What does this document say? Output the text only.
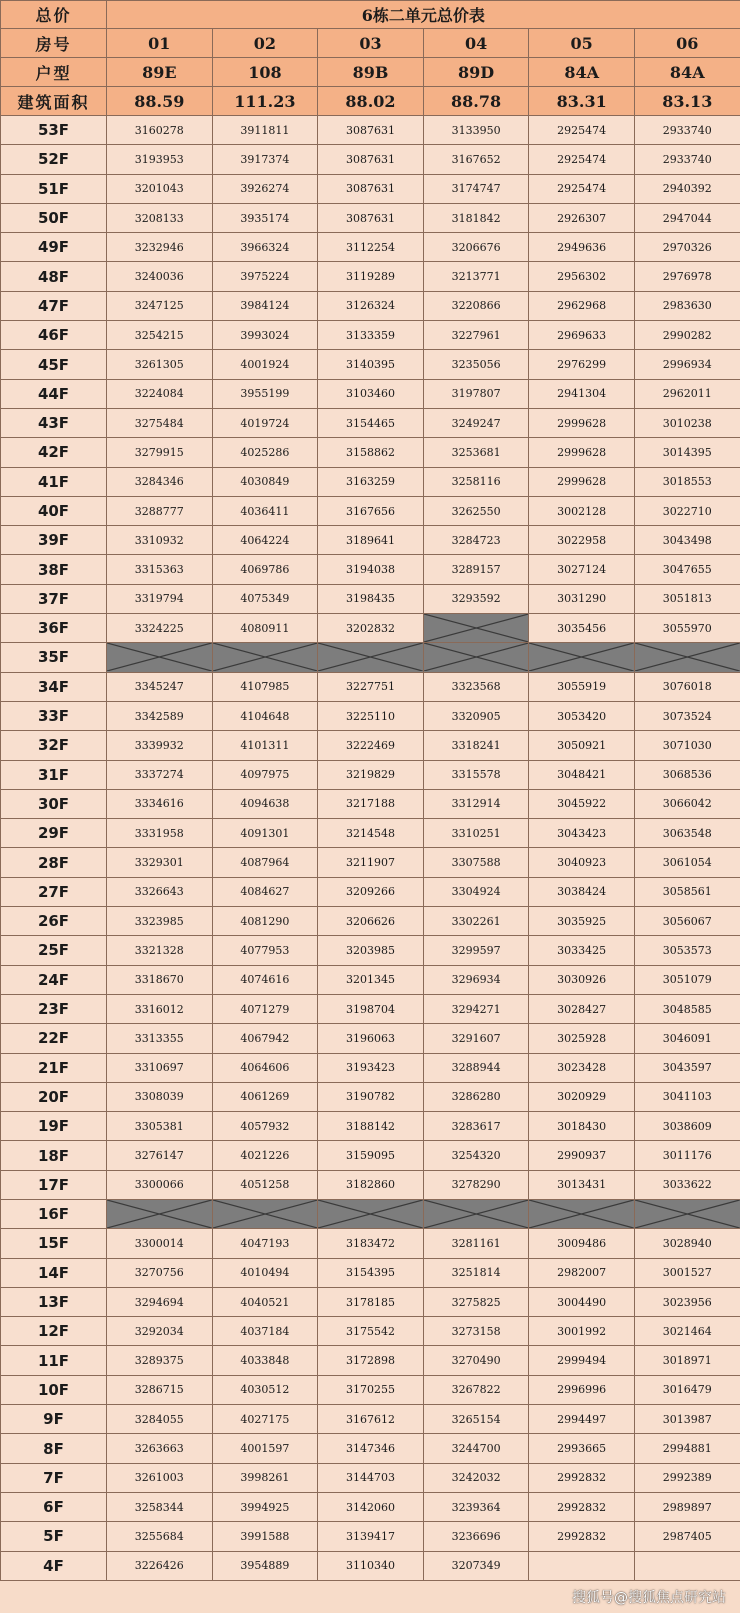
总价	6栋二单元总价表					
房号	01	02	03	04	05	06
户型	89E	108	89B	89D	84A	84A
建筑面积	88.59	111.23	88.02	88.78	83.31	83.13
53F	3160278	3911811	3087631	3133950	2925474	2933740
52F	3193953	3917374	3087631	3167652	2925474	2933740
51F	3201043	3926274	3087631	3174747	2925474	2940392
50F	3208133	3935174	3087631	3181842	2926307	2947044
49F	3232946	3966324	3112254	3206676	2949636	2970326
48F	3240036	3975224	3119289	3213771	2956302	2976978
47F	3247125	3984124	3126324	3220866	2962968	2983630
46F	3254215	3993024	3133359	3227961	2969633	2990282
45F	3261305	4001924	3140395	3235056	2976299	2996934
44F	3224084	3955199	3103460	3197807	2941304	2962011
43F	3275484	4019724	3154465	3249247	2999628	3010238
42F	3279915	4025286	3158862	3253681	2999628	3014395
41F	3284346	4030849	3163259	3258116	2999628	3018553
40F	3288777	4036411	3167656	3262550	3002128	3022710
39F	3310932	4064224	3189641	3284723	3022958	3043498
38F	3315363	4069786	3194038	3289157	3027124	3047655
37F	3319794	4075349	3198435	3293592	3031290	3051813
36F	3324225	4080911	3202832		3035456	3055970
35F	

34F	3345247	4107985	3227751	3323568	3055919	3076018
33F	3342589	4104648	3225110	3320905	3053420	3073524
32F	3339932	4101311	3222469	3318241	3050921	3071030
31F	3337274	4097975	3219829	3315578	3048421	3068536
30F	3334616	4094638	3217188	3312914	3045922	3066042
29F	3331958	4091301	3214548	3310251	3043423	3063548
28F	3329301	4087964	3211907	3307588	3040923	3061054
27F	3326643	4084627	3209266	3304924	3038424	3058561
26F	3323985	4081290	3206626	3302261	3035925	3056067
25F	3321328	4077953	3203985	3299597	3033425	3053573
24F	3318670	4074616	3201345	3296934	3030926	3051079
23F	3316012	4071279	3198704	3294271	3028427	3048585
22F	3313355	4067942	3196063	3291607	3025928	3046091
21F	3310697	4064606	3193423	3288944	3023428	3043597
20F	3308039	4061269	3190782	3286280	3020929	3041103
19F	3305381	4057932	3188142	3283617	3018430	3038609
18F	3276147	4021226	3159095	3254320	2990937	3011176
17F	3300066	4051258	3182860	3278290	3013431	3033622
16F	

15F	3300014	4047193	3183472	3281161	3009486	3028940
14F	3270756	4010494	3154395	3251814	2982007	3001527
13F	3294694	4040521	3178185	3275825	3004490	3023956
12F	3292034	4037184	3175542	3273158	3001992	3021464
11F	3289375	4033848	3172898	3270490	2999494	3018971
10F	3286715	4030512	3170255	3267822	2996996	3016479
9F	3284055	4027175	3167612	3265154	2994497	3013987
8F	3263663	4001597	3147346	3244700	2993665	2994881
7F	3261003	3998261	3144703	3242032	2992832	2992389
6F	3258344	3994925	3142060	3239364	2992832	2989897
5F	3255684	3991588	3139417	3236696	2992832	2987405
4F	3226426	3954889	3110340	3207349		
搜狐号@搜狐焦点研究站
